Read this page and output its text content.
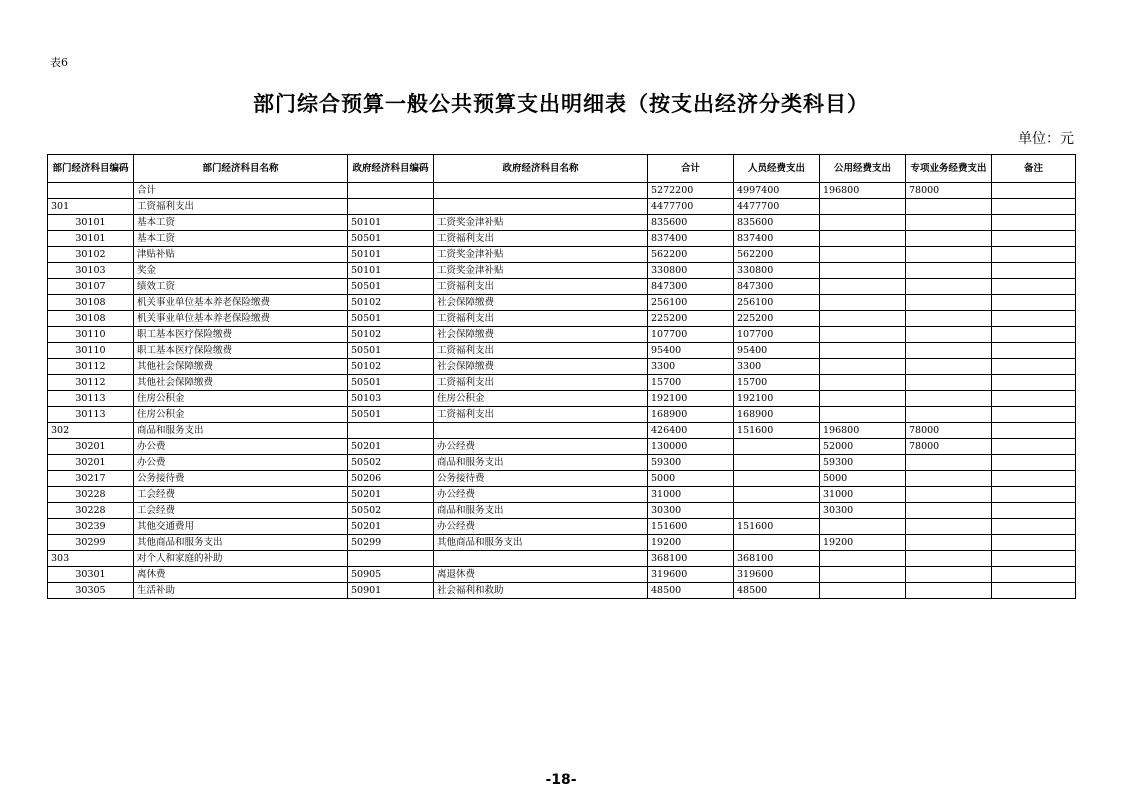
表6
部门综合预算一般公共预算支出明细表（按支出经济分类科目）
单位：元
部门经济科目编码	部门经济科目名称	政府经济科目编码	政府经济科目名称	合计	人员经费支出	公用经费支出	专项业务经费支出	备注
	合计			5272200	4997400	196800	78000	
301	工资福利支出			4477700	4477700			
30101	基本工资	50101	工资奖金津补贴	835600	835600			
30101	基本工资	50501	工资福利支出	837400	837400			
30102	津贴补贴	50101	工资奖金津补贴	562200	562200			
30103	奖金	50101	工资奖金津补贴	330800	330800			
30107	绩效工资	50501	工资福利支出	847300	847300			
30108	机关事业单位基本养老保险缴费	50102	社会保障缴费	256100	256100			
30108	机关事业单位基本养老保险缴费	50501	工资福利支出	225200	225200			
30110	职工基本医疗保险缴费	50102	社会保障缴费	107700	107700			
30110	职工基本医疗保险缴费	50501	工资福利支出	95400	95400			
30112	其他社会保障缴费	50102	社会保障缴费	3300	3300			
30112	其他社会保障缴费	50501	工资福利支出	15700	15700			
30113	住房公积金	50103	住房公积金	192100	192100			
30113	住房公积金	50501	工资福利支出	168900	168900			
302	商品和服务支出			426400	151600	196800	78000	
30201	办公费	50201	办公经费	130000		52000	78000	
30201	办公费	50502	商品和服务支出	59300		59300		
30217	公务接待费	50206	公务接待费	5000		5000		
30228	工会经费	50201	办公经费	31000		31000		
30228	工会经费	50502	商品和服务支出	30300		30300		
30239	其他交通费用	50201	办公经费	151600	151600			
30299	其他商品和服务支出	50299	其他商品和服务支出	19200		19200		
303	对个人和家庭的补助			368100	368100			
30301	离休费	50905	离退休费	319600	319600			
30305	生活补助	50901	社会福利和救助	48500	48500			
-18-
